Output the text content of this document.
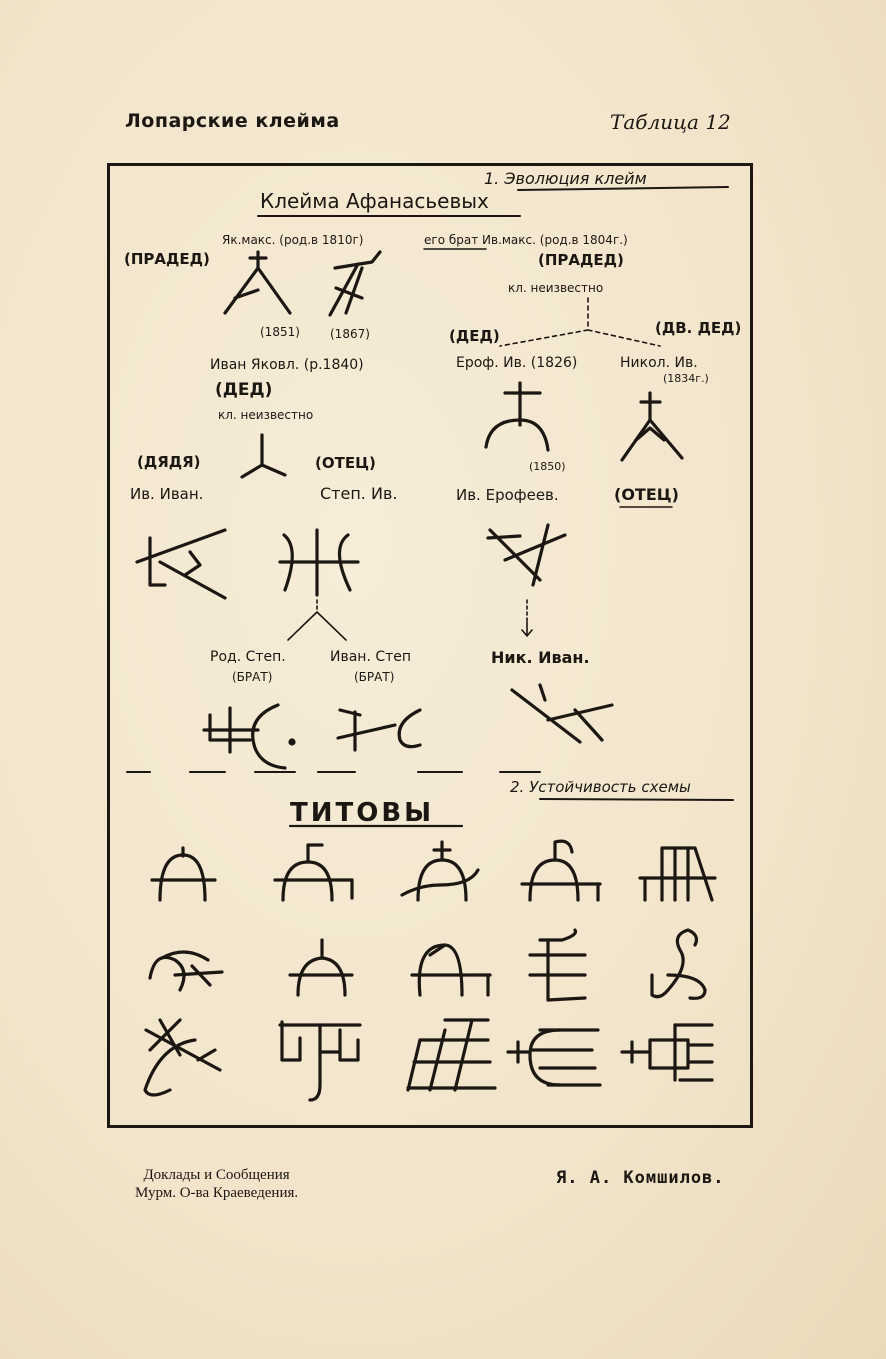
Лопарские клейма	Таблица 12
1. Эволюция клейм
Клейма Афанасьевых
(ПРАДЕД)
Як.макс. (род.в 1810г)	его брат Ив.макс. (род.в 1804г.)
(ПРАДЕД)
кл. неизвестно
(1851)	(1867)	(ДЕД)	(ДВ. ДЕД)
Иван Яковл. (р.1840)	Ероф. Ив. (1826)	Никол. Ив.
(1834г.)
(ДЕД)
кл. неизвестно
(1850)
(ДЯДЯ)
Ив. Иван.
(ОТЕЦ)
Степ. Ив.	Ив. Ерофеев.	(ОТЕЦ)
Род. Степ.
(БРАТ)
Иван. Степ
(БРАТ)
Ник. Иван.
2. Устойчивость схемы
ТИТОВЫ
Доклады и Сообщения
Мурм. О-ва Краеведения.
Я. А. Комшилов.
